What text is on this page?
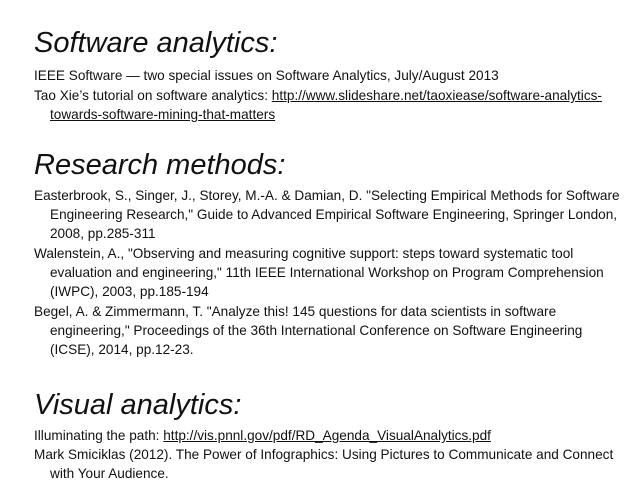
Software analytics:

IEEE Software — two special issues on Software Analytics, July/August 2013

Tao Xie’s tutorial on software analytics: http://www.slideshare.net/taoxiease/software-analytics-towards-software-mining-that-matters

Research methods:

Easterbrook, S., Singer, J., Storey, M.-A. & Damian, D. "Selecting Empirical Methods for Software Engineering Research," Guide to Advanced Empirical Software Engineering, Springer London, 2008, pp.285-311

Walenstein, A., "Observing and measuring cognitive support: steps toward systematic tool evaluation and engineering," 11th IEEE International Workshop on Program Comprehension (IWPC), 2003, pp.185-194

Begel, A. & Zimmermann, T. "Analyze this! 145 questions for data scientists in software engineering," Proceedings of the 36th International Conference on Software Engineering (ICSE), 2014, pp.12-23.

Visual analytics:

Illuminating the path: http://vis.pnnl.gov/pdf/RD_Agenda_VisualAnalytics.pdf

Mark Smiciklas (2012). The Power of Infographics: Using Pictures to Communicate and Connect with Your Audience.
